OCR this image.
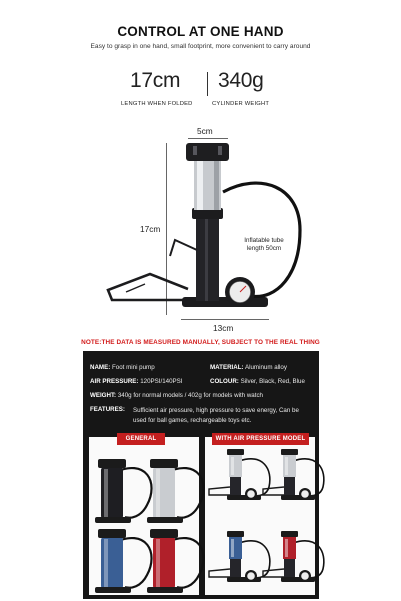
CONTROL AT ONE HAND
Easy to grasp in one hand, small footprint, more convenient to carry around
17cm 340g
LENGTH WHEN FOLDED	CYLINDER WEIGHT
5cm
17cm
13cm
Inflatable tube
length 50cm
NOTE:THE DATA IS MEASURED MANUALLY, SUBJECT TO THE REAL THING
NAME: Foot mini pump	MATERIAL: Aluminum alloy
AIR PRESSURE: 120PSI/140PSI	COLOUR: Silver, Black, Red, Blue
WEIGHT: 340g for normal models / 402g for models with watch
FEATURES: Sufficient air pressure, high pressure to save energy, Can be used for ball games, rechargeable toys etc.
GENERAL	WITH AIR PRESSURE MODEL
